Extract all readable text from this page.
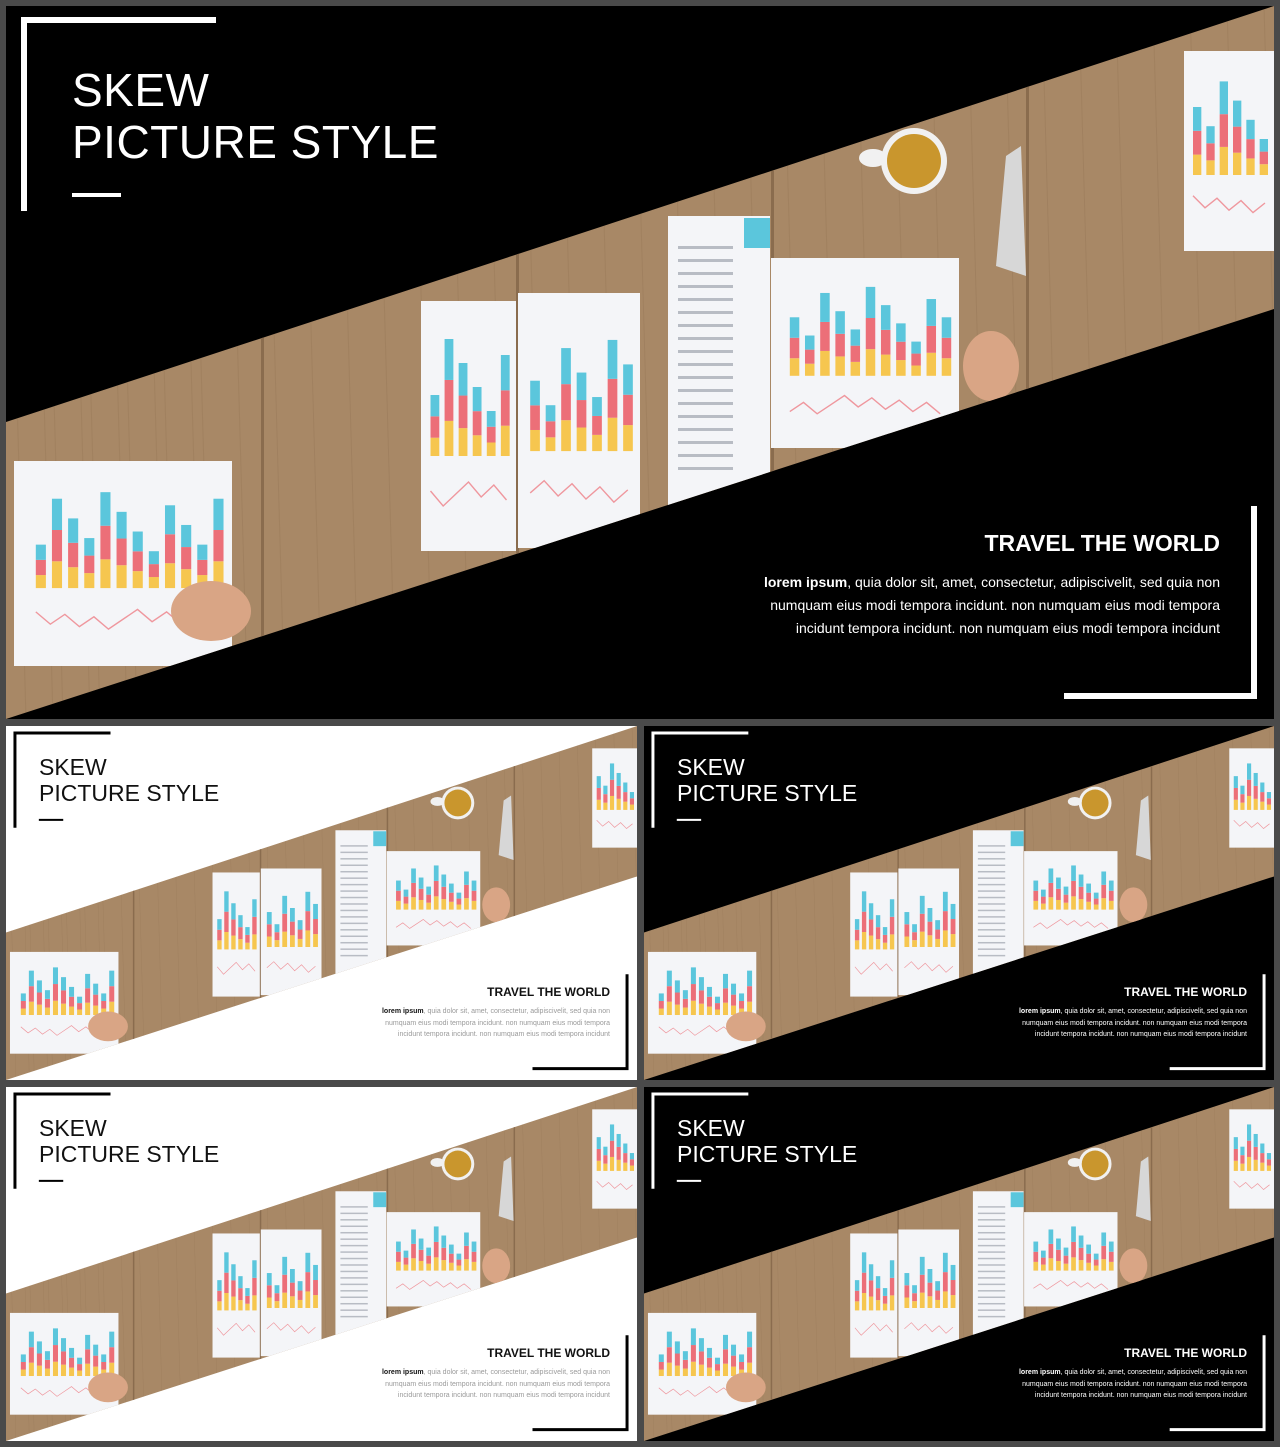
SKEW
PICTURE STYLE
TRAVEL THE WORLD
lorem ipsum, quia dolor sit, amet, consectetur, adipiscivelit, sed quia non numquam eius modi tempora incidunt. non numquam eius modi tempora incidunt tempora incidunt. non numquam eius modi tempora incidunt
SKEW
PICTURE STYLE
TRAVEL THE WORLD
lorem ipsum, quia dolor sit, amet, consectetur, adipiscivelit, sed quia non numquam eius modi tempora incidunt. non numquam eius modi tempora incidunt tempora incidunt. non numquam eius modi tempora incidunt
SKEW
PICTURE STYLE
TRAVEL THE WORLD
lorem ipsum, quia dolor sit, amet, consectetur, adipiscivelit, sed quia non numquam eius modi tempora incidunt. non numquam eius modi tempora incidunt tempora incidunt. non numquam eius modi tempora incidunt
SKEW
PICTURE STYLE
TRAVEL THE WORLD
lorem ipsum, quia dolor sit, amet, consectetur, adipiscivelit, sed quia non numquam eius modi tempora incidunt. non numquam eius modi tempora incidunt tempora incidunt. non numquam eius modi tempora incidunt
SKEW
PICTURE STYLE
TRAVEL THE WORLD
lorem ipsum, quia dolor sit, amet, consectetur, adipiscivelit, sed quia non numquam eius modi tempora incidunt. non numquam eius modi tempora incidunt tempora incidunt. non numquam eius modi tempora incidunt
